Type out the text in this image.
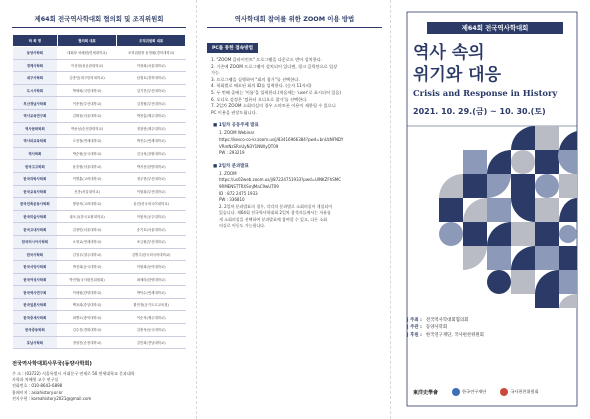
제64회 전국역사학대회 협의회 및 조직위원회
학 회 명	협의회 대표	조직위원회 대표
동양사학회	대회장 차혜원(연세대학교)	조직위원장 윤영휘(경북대학교)
경제사학회	이상철(성균관대학교)	이형희(서울대학교)
대구사학회	김종인(대구한의대학교)	남철호(경북대학교)
도시사학회	박세희(국민대학교)	김기진(부산대학교)
부산경남사학회	이종봉(부산대학교)	김정원(부산대학교)
역사교육연구회	김태웅(서울대학교)	박찬흥(제주대학교)
역사문화학회	박동성(순천향대학교)	정창현(제주대학교)
역사와교육학회	도현철(연세대학교)	박진수(연세대학교)
역사학회	박순원(동국대학교)	김규성(강원대학교)
한국고고학회	윤중원(서울대학교)	박지선(한양대학교)
한국과학사학회	이병훈(고려대학교)	정우현(부산대학교)
한국교육사학회	신종(서울대학교)	이원희(부산대학교)
한국민족운동사학회	방광석(고려대학교)	윤진(한국외국어대학교)
한국미술사학회	권오규(한국교원대학교)	이원석(공주대학교)
한국고대사학회	김장민(서울대학교)	송기호(서울대학교)
한국러시아사학회	오영교(연세대학교)	조금원(부산대학교)
한국사학회	김정우(청주대학교)	김병주(한국외국어대학교)
한국서양사학회	박진희(동국대학교)	이원희(동아대학교)
한국여성사학회	박진원(국사편찬위원회)	최세라(한양대학교)
한국역사연구회	이세원(한양대학교)	박덕수(연세대학교)
한국일본사학회	백옥희(중앙대학교)	황현정(공기도고교육청)
한국중세사학회	최병도(충북대학교)	이순석(제주대학교)
한국중동학회	김수진(경희대학교)	김충석(동국대학교)
호남사학회	정성진(순천대학교)	김민희(전남대학교)
전국역사학대회사무국(동양사학회)
주 소 : (03722) 서울특별시 서대문구 연세로 50 연세대학교 문과대학
사학과 차혜원 교수 연구실
전화번호 : 010-8643-6898
홈페이지 : asiahistory.or.kr
전자우편 : koreahistory2021@gmail.com
역사학대회 참여를 위한 ZOOM 이용 방법
PC를 통한 접속방법
1. "ZOOM 클라이언트" 프로그램을 다운로드 받아 설치한다.
2. 기존에 ZOOM 프로그램이 설치되어 있다면, 링크 클릭만으로 입장
가능.
3. 프로그램을 실행하여 "회의 참가"를 선택한다.
4. 학회별로 배포된 회의 ID를 입력한다. (숫자 11자리)
5. 두 번째 줄에는 '이름'을 입력한다.(처음에는 'user'로 표시되어 있음)
6. 오디오 설정은 '컴퓨터 오디오로 참가'를 선택한다.
7. 2일차 ZOOM 소회의실의 경우 스마트폰 이용이 제한될 수 있으니
PC 이용을 권장드립니다.
■ 1일차 공동주제 발표
1. ZOOM Webinar
https://kesco-co-kr.zoom.us/j/83416966384?pwd=bnUzNFNDY
VRmNzSRnUyN3Y1NWlyQT09
PW : 293219
■ 2일차 분과발표
1. ZOOM
https://us02web.zoom.us/j/87224751933?pwd=UlNKZFhSMC
9RMENSTTRXSmJMaC9wUT09
ID : 872 2475 1933
PW : 336810
2. 2일차 분과발표의 경우, 각각의 분과별로 소회의실이 개설되어
있습니다. 제64회 전국역사학대회 2일차 참석자들께서는 자유롭
게 소회의실을 선택하여 분과발표에 참여할 수 있고, 다른 소회
의실로 이동도 가능합니다.
제64회 전국역사학대회
역사 속의
위기와 대응
Crisis and Response in History
2021. 10. 29.(금) ~ 10. 30.(토)
| 주최 : 전국역사학대회협의회
| 주관 : 동양사학회
| 후원 : 한국연구재단, 국사편찬위원회
東洋史學會	한국연구재단	국사편찬위원회
